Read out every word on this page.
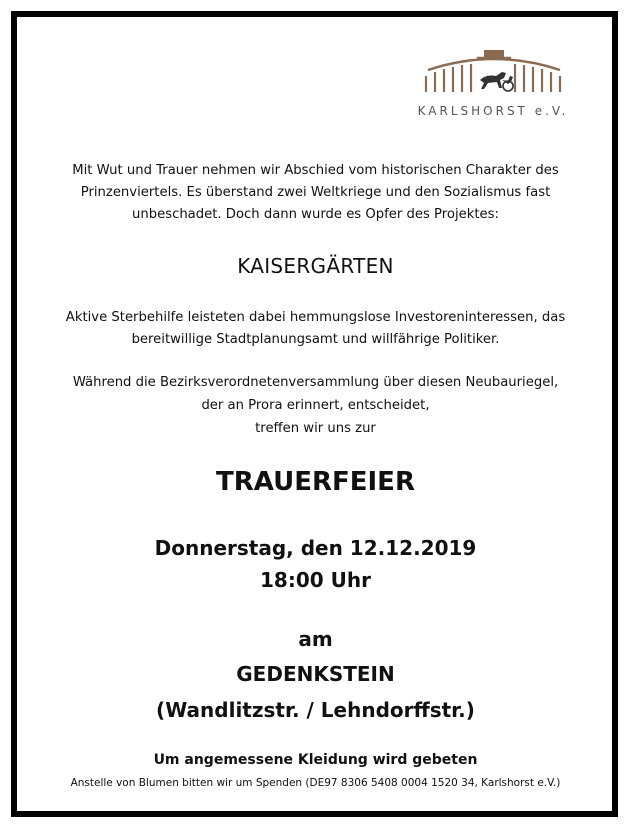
KARLSHORST e.V.
Mit Wut und Trauer nehmen wir Abschied vom historischen Charakter des
Prinzenviertels. Es überstand zwei Weltkriege und den Sozialismus fast
unbeschadet. Doch dann wurde es Opfer des Projektes:
KAISERGÄRTEN
Aktive Sterbehilfe leisteten dabei hemmungslose Investoreninteressen, das
bereitwillige Stadtplanungsamt und willfährige Politiker.
Während die Bezirksverordnetenversammlung über diesen Neubauriegel,
der an Prora erinnert, entscheidet,
treffen wir uns zur
TRAUERFEIER
Donnerstag, den 12.12.2019
18:00 Uhr
am
GEDENKSTEIN
(Wandlitzstr. / Lehndorffstr.)
Um angemessene Kleidung wird gebeten
Anstelle von Blumen bitten wir um Spenden (DE97 8306 5408 0004 1520 34, Karlshorst e.V.)
